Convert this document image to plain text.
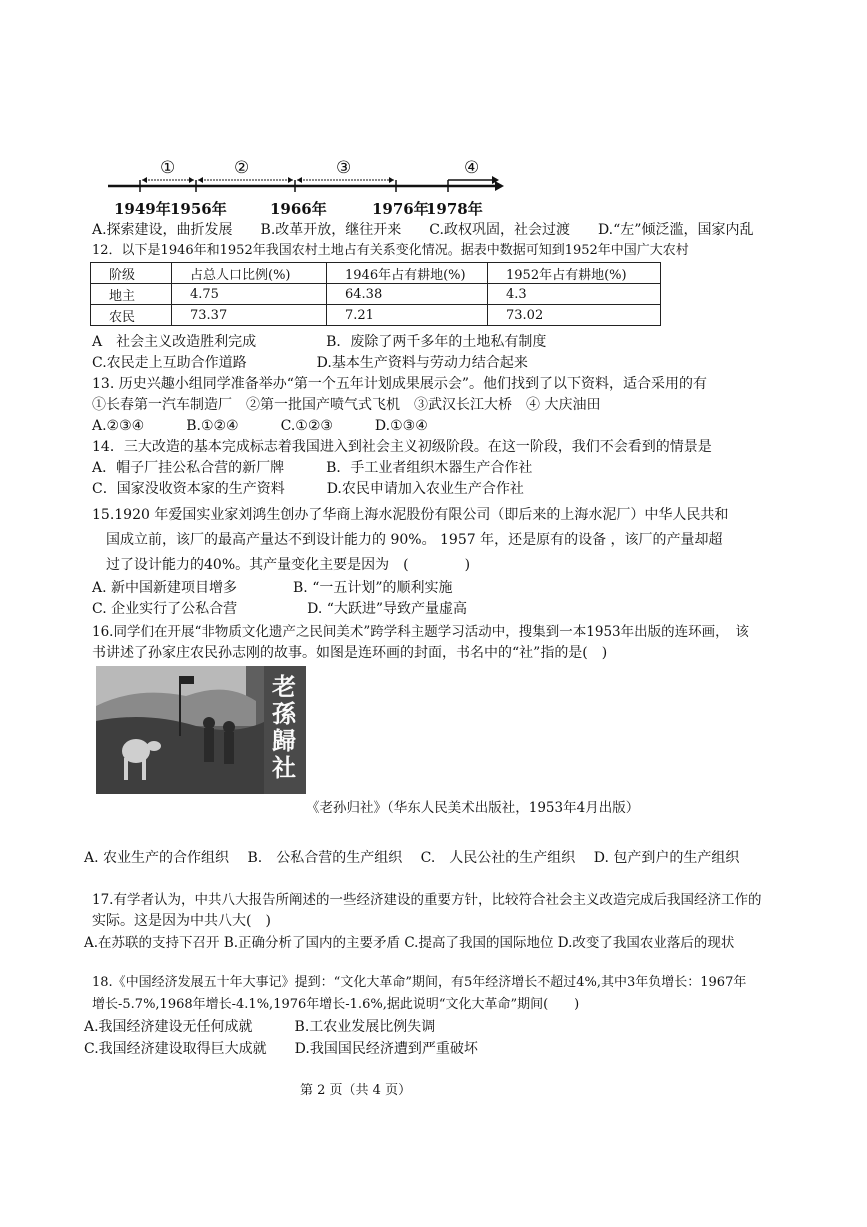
①	②	③	④
1949年 1956年	1966年	1976年
1978年
A.探索建设，曲折发展　　B.改革开放，继往开来　　C.政权巩固，社会过渡　　D.“左”倾泛滥，国家内乱
12．以下是1946年和1952年我国农村土地占有关系变化情况。据表中数据可知到1952年中国广大农村
阶级	占总人口比例(%)	1946年占有耕地(%)	1952年占有耕地(%)
地主	4.75	64.38	4.3
农民	73.37	7.21	73.02
A　社会主义改造胜利完成　　　　　B．废除了两千多年的土地私有制度
C.农民走上互助合作道路　　　　　D.基本生产资料与劳动力结合起来
13. 历史兴趣小组同学准备举办“第一个五年计划成果展示会”。他们找到了以下资料，适合采用的有
①长春第一汽车制造厂　②第一批国产喷气式飞机　③武汉长江大桥　④ 大庆油田
A.②③④　　　B.①②④　　　C.①②③　　　D.①③④
14．三大改造的基本完成标志着我国进入到社会主义初级阶段。在这一阶段，我们不会看到的情景是
A．帽子厂挂公私合营的新厂牌　　　B．手工业者组织木器生产合作社
C．国家没收资本家的生产资料　　　D.农民申请加入农业生产合作社
15.1920 年爱国实业家刘鸿生创办了华商上海水泥股份有限公司（即后来的上海水泥厂）中华人民共和
国成立前，该厂的最高产量达不到设计能力的 90%。 1957 年，还是原有的设备 ，该厂的产量却超
过了设计能力的40%。其产量变化主要是因为　(　　　　)
A. 新中国新建项目增多　　　　B. “一五计划”的顺利实施
C. 企业实行了公私合营　　　　　D. “大跃进”导致产量虚高
16.同学们在开展“非物质文化遗产之民间美术”跨学科主题学习活动中，搜集到一本1953年出版的连环画，　该
书讲述了孙家庄农民孙志刚的故事。如图是连环画的封面，书名中的“社”指的是(　)
老孫歸社
《老孙归社》（华东人民美术出版社，1953年4月出版）
A. 农业生产的合作组织　 B.　公私合营的生产组织　 C.　人民公社的生产组织　 D. 包产到户的生产组织
17.有学者认为，中共八大报告所阐述的一些经济建设的重要方针，比较符合社会主义改造完成后我国经济工作的
实际。这是因为中共八大(　)
A.在苏联的支持下召开 B.正确分析了国内的主要矛盾 C.提高了我国的国际地位 D.改变了我国农业落后的现状
18.《中国经济发展五十年大事记》提到：“文化大革命”期间，有5年经济增长不超过4%,其中3年负增长：1967年
增长-5.7%,1968年增长-4.1%,1976年增长-1.6%,据此说明“文化大革命”期间(　　)
A.我国经济建设无任何成就　　　B.工农业发展比例失调
C.我国经济建设取得巨大成就　　D.我国国民经济遭到严重破坏
第 2 页（共 4 页）
